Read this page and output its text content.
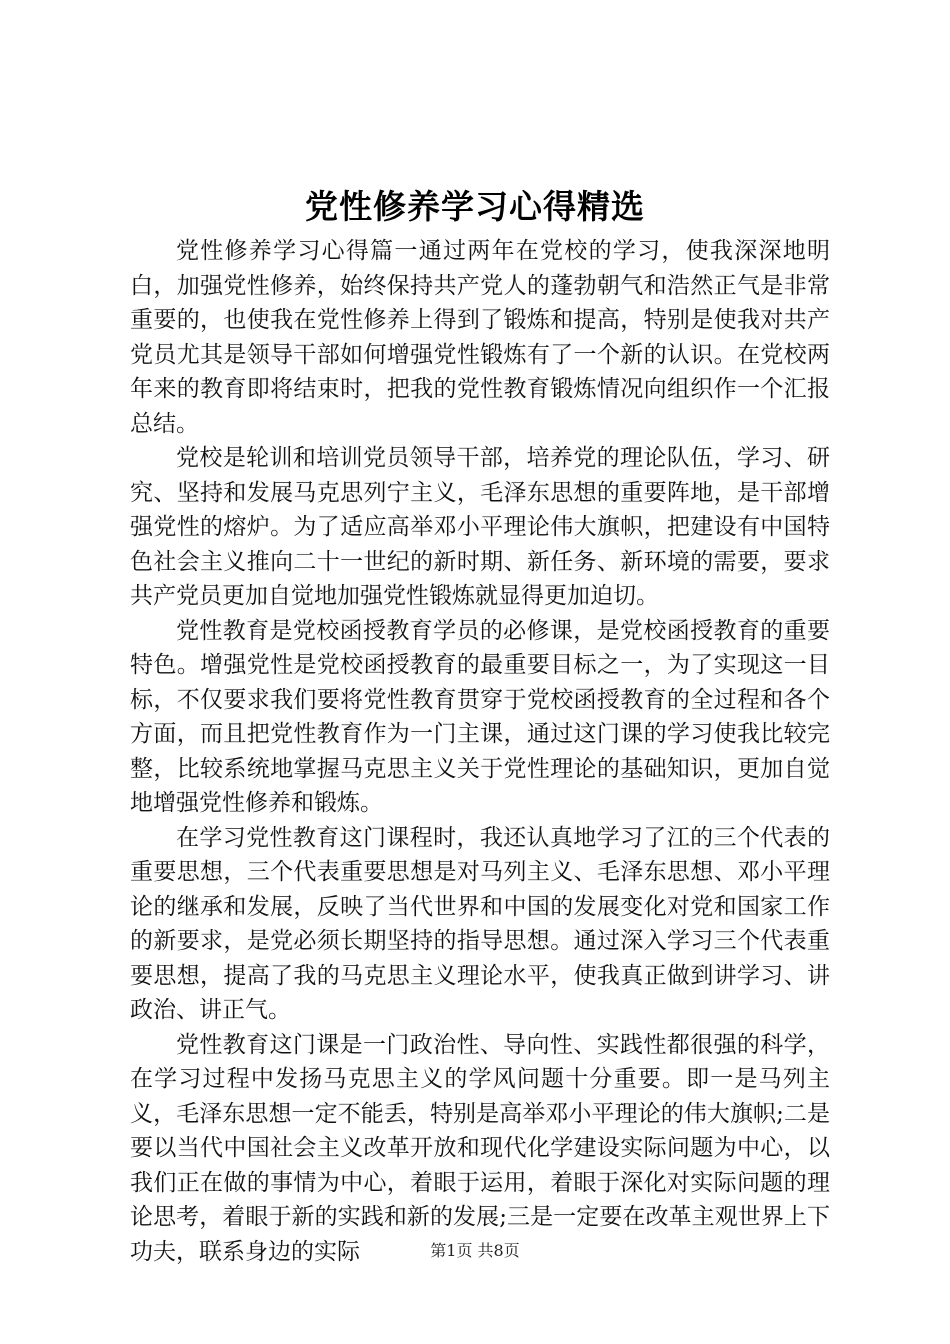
党性修养学习心得精选

党性修养学习心得篇一通过两年在党校的学习，使我深深地明白，加强党性修养，始终保持共产党人的蓬勃朝气和浩然正气是非常重要的，也使我在党性修养上得到了锻炼和提高，特别是使我对共产党员尤其是领导干部如何增强党性锻炼有了一个新的认识。在党校两年来的教育即将结束时，把我的党性教育锻炼情况向组织作一个汇报总结。

党校是轮训和培训党员领导干部，培养党的理论队伍，学习、研究、坚持和发展马克思列宁主义，毛泽东思想的重要阵地，是干部增强党性的熔炉。为了适应高举邓小平理论伟大旗帜，把建设有中国特色社会主义推向二十一世纪的新时期、新任务、新环境的需要，要求共产党员更加自觉地加强党性锻炼就显得更加迫切。

党性教育是党校函授教育学员的必修课，是党校函授教育的重要特色。增强党性是党校函授教育的最重要目标之一，为了实现这一目标，不仅要求我们要将党性教育贯穿于党校函授教育的全过程和各个方面，而且把党性教育作为一门主课，通过这门课的学习使我比较完整，比较系统地掌握马克思主义关于党性理论的基础知识，更加自觉地增强党性修养和锻炼。

在学习党性教育这门课程时，我还认真地学习了江的三个代表的重要思想，三个代表重要思想是对马列主义、毛泽东思想、邓小平理论的继承和发展，反映了当代世界和中国的发展变化对党和国家工作的新要求，是党必须长期坚持的指导思想。通过深入学习三个代表重要思想，提高了我的马克思主义理论水平，使我真正做到讲学习、讲政治、讲正气。

党性教育这门课是一门政治性、导向性、实践性都很强的科学，在学习过程中发扬马克思主义的学风问题十分重要。即一是马列主义，毛泽东思想一定不能丢，特别是高举邓小平理论的伟大旗帜;二是要以当代中国社会主义改革开放和现代化学建设实际问题为中心，以我们正在做的事情为中心，着眼于运用，着眼于深化对实际问题的理论思考，着眼于新的实践和新的发展;三是一定要在改革主观世界上下功夫，联系身边的实际	第1页 共8页
